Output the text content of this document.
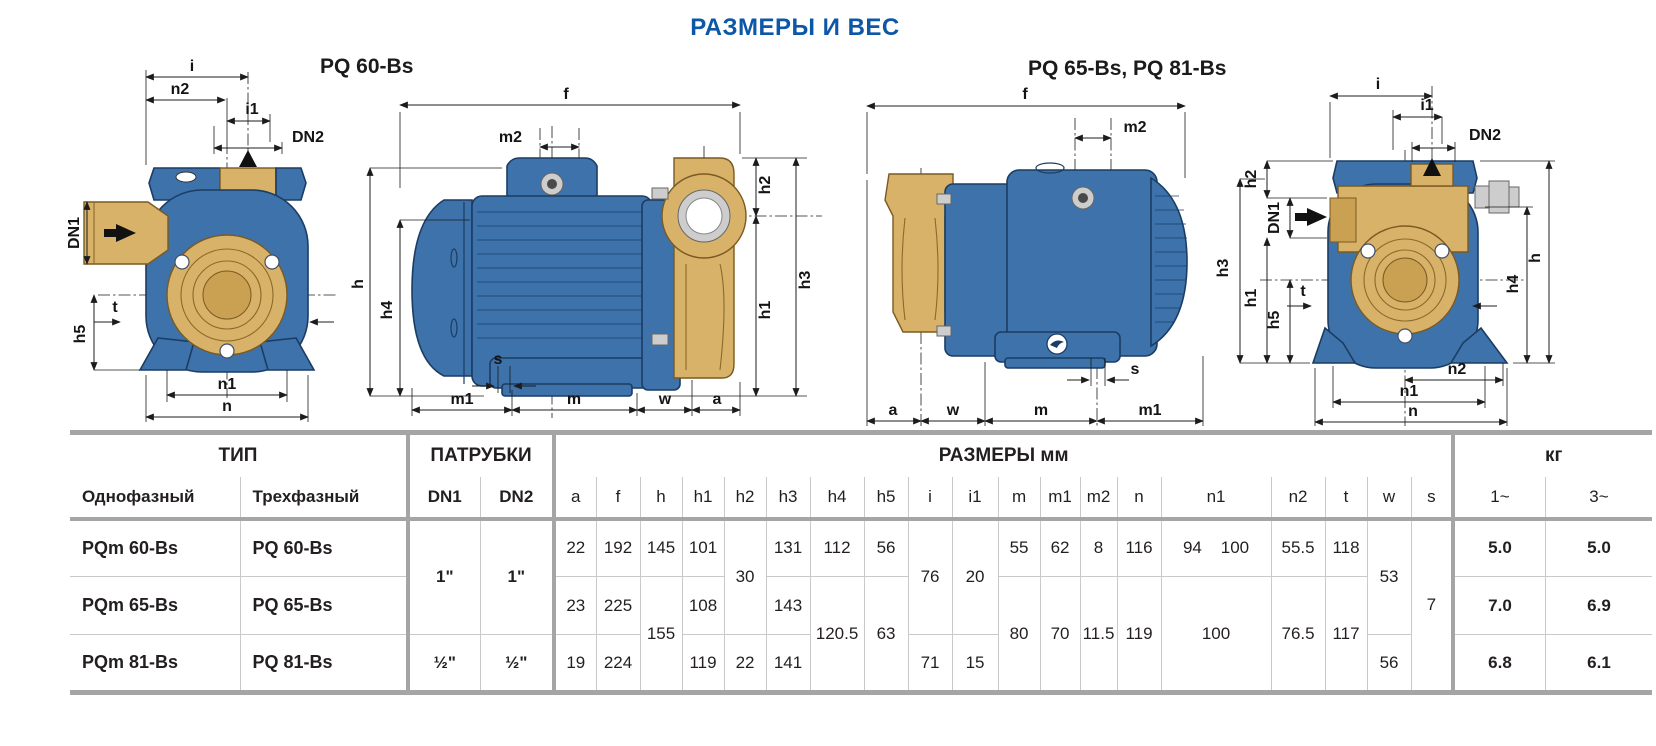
РАЗМЕРЫ И ВЕС
PQ 60-Bs	PQ 65-Bs, PQ 81-Bs
i
n2
i1
DN2
DN1
t
h5
n1
n
f
m2
h
h4
h2
h1
h3
s
m1	m	w	a
f
m2
s
a	w	m	m1
i
i1
DN2
h2
DN1
h3
h1	t
h5
h4
h
n2
n1
n
ТИП		ПАТРУБКИ		РАЗМЕРЫ мм																			кг	
Однофазный	Трехфазный	DN1	DN2	a	f	h	h1	h2	h3	h4	h5	i	i1	m	m1	m2	n	n1	n2	t	w	s	1~	3~
PQm 60-Bs	PQ 60-Bs	1"	1"	22	192	145	101	30	131	112	56	76	20	55	62	8	116	94    100	55.5	118	53	7	5.0	5.0
PQm 65-Bs	PQ 65-Bs			23	225	155	108		143	120.5	63			80	70	11.5	119	100	76.5	117			7.0	6.9
PQm 81-Bs	PQ 81-Bs	½"	½"	19	224		119	22	141			71	15								56		6.8	6.1
